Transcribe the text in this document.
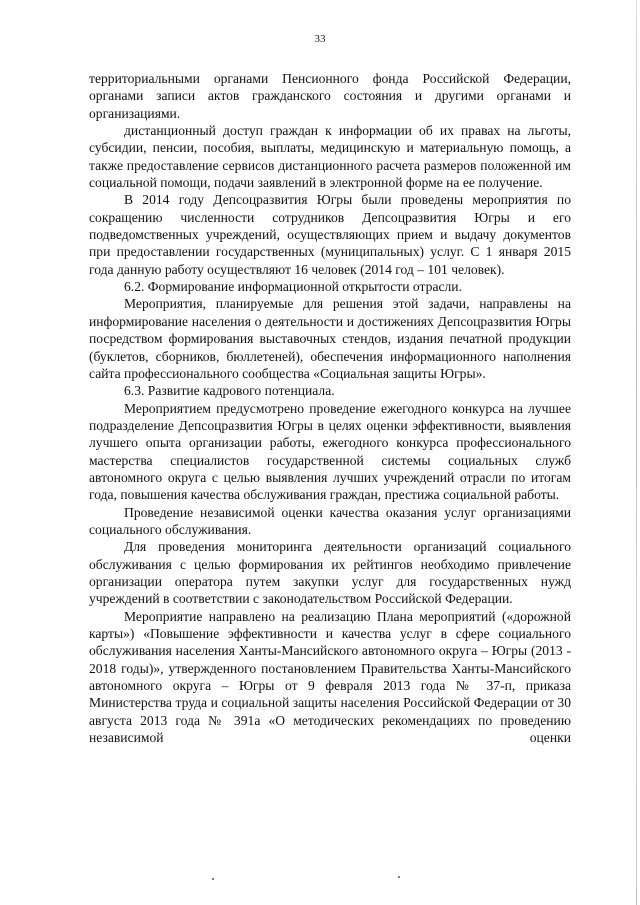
33

территориальными органами Пенсионного фонда Российской Федерации, органами записи актов гражданского состояния и другими органами и организациями.

дистанционный доступ граждан к информации об их правах на льготы, субсидии, пенсии, пособия, выплаты, медицинскую и материальную помощь, а также предоставление сервисов дистанционного расчета размеров положенной им социальной помощи, подачи заявлений в электронной форме на ее получение.

В 2014 году Депсоцразвития Югры были проведены мероприятия по сокращению численности сотрудников Депсоцразвития Югры и его подведомственных учреждений, осуществляющих прием и выдачу документов при предоставлении государственных (муниципальных) услуг. С 1 января 2015 года данную работу осуществляют 16 человек (2014 год – 101 человек).

6.2. Формирование информационной открытости отрасли.

Мероприятия, планируемые для решения этой задачи, направлены на информирование населения о деятельности и достижениях Депсоцразвития Югры посредством формирования выставочных стендов, издания печатной продукции (буклетов, сборников, бюллетеней), обеспечения информационного наполнения сайта профессионального сообщества «Социальная защиты Югры».

6.3. Развитие кадрового потенциала.

Мероприятием предусмотрено проведение ежегодного конкурса на лучшее подразделение Депсоцразвития Югры в целях оценки эффективности, выявления лучшего опыта организации работы, ежегодного конкурса профессионального мастерства специалистов государственной системы социальных служб автономного округа с целью выявления лучших учреждений отрасли по итогам года, повышения качества обслуживания граждан, престижа социальной работы.

Проведение независимой оценки качества оказания услуг организациями социального обслуживания.

Для проведения мониторинга деятельности организаций социального обслуживания с целью формирования их рейтингов необходимо привлечение организации оператора путем закупки услуг для государственных нужд учреждений в соответствии с законодательством Российской Федерации.

Мероприятие направлено на реализацию Плана мероприятий («дорожной карты») «Повышение эффективности и качества услуг в сфере социального обслуживания населения Ханты-Мансийского автономного округа – Югры (2013 - 2018 годы)», утвержденного постановлением Правительства Ханты-Мансийского автономного округа – Югры от 9 февраля 2013 года № 37-п, приказа Министерства труда и социальной защиты населения Российской Федерации от 30 августа 2013 года № 391а «О методических рекомендациях по проведению независимой оценки
